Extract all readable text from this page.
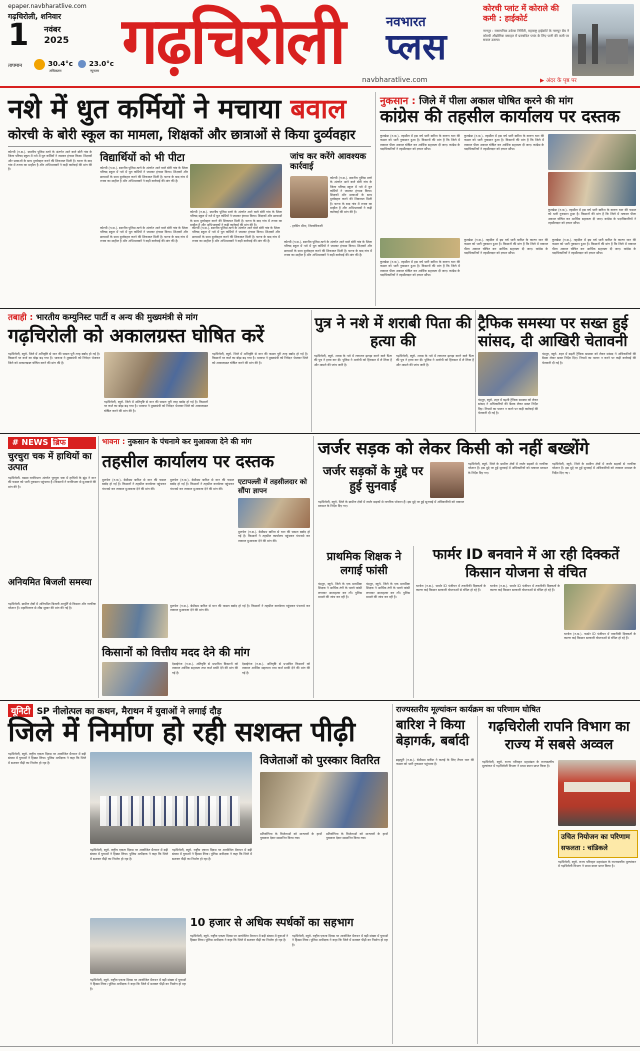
epaper.navbharatlive.com
गढ़चिरोली, शनिवार
1 नवंबर
2025
तापमान	30.4°c
अधिकतम
23.0°c
न्यूनतम गढ़चिरोली	नवभारत
प्लस
navbharatlive.com
कोरची प्लांट में कोराले की कमी : हाईकोर्ट
नागपुर : रासायनिक उर्वरक निर्मिती, महाराष्ट्र हाईकोर्ट के नागपुर बेंच ने कोरची औद्योगिक वसाहत में प्रस्तावित प्लांट के लिए पानी की कमी पर सवाल उठाया।
▶ अंदर के पृष्ठ पर
नशे में धुत कर्मियों ने मचाया बवाल
कोरची के बोरी स्कूल का मामला, शिक्षकों और छात्राओं से किया दुर्व्यवहार
कोरची (न.स.). स्थानीय पुलिस ठाणे के अंतर्गत आने वाले बोरी गांव के जिला परिषद स्कूल में नशे में धुत कर्मियों ने जमकर हंगामा किया। शिक्षकों और छात्राओं के साथ दुर्व्यवहार करने की शिकायत मिली है। घटना के बाद गांव में तनाव का माहौल है और अभिभावकों ने कड़ी कार्रवाई की मांग की है।
विद्यार्थियों को भी पीटा
कोरची (न.स.). स्थानीय पुलिस ठाणे के अंतर्गत आने वाले बोरी गांव के जिला परिषद स्कूल में नशे में धुत कर्मियों ने जमकर हंगामा किया। शिक्षकों और छात्राओं के साथ दुर्व्यवहार करने की शिकायत मिली है। घटना के बाद गांव में तनाव का माहौल है और अभिभावकों ने कड़ी कार्रवाई की मांग की है।
कोरची (न.स.). स्थानीय पुलिस ठाणे के अंतर्गत आने वाले बोरी गांव के जिला परिषद स्कूल में नशे में धुत कर्मियों ने जमकर हंगामा किया। शिक्षकों और छात्राओं के साथ दुर्व्यवहार करने की शिकायत मिली है। घटना के बाद गांव में तनाव का माहौल है और अभिभावकों ने कड़ी कार्रवाई की मांग की है।
जांच कर करेंगे आवश्यक कार्रवाई
कोरची (न.स.). स्थानीय पुलिस ठाणे के अंतर्गत आने वाले बोरी गांव के जिला परिषद स्कूल में नशे में धुत कर्मियों ने जमकर हंगामा किया। शिक्षकों और छात्राओं के साथ दुर्व्यवहार करने की शिकायत मिली है। घटना के बाद गांव में तनाव का माहौल है और अभिभावकों ने कड़ी कार्रवाई की मांग की है।
- हरसिंग मीना, जिलाधिकारी
कोरची (न.स.). स्थानीय पुलिस ठाणे के अंतर्गत आने वाले बोरी गांव के जिला परिषद स्कूल में नशे में धुत कर्मियों ने जमकर हंगामा किया। शिक्षकों और छात्राओं के साथ दुर्व्यवहार करने की शिकायत मिली है। घटना के बाद गांव में तनाव का माहौल है और अभिभावकों ने कड़ी कार्रवाई की मांग की है।
कोरची (न.स.). स्थानीय पुलिस ठाणे के अंतर्गत आने वाले बोरी गांव के जिला परिषद स्कूल में नशे में धुत कर्मियों ने जमकर हंगामा किया। शिक्षकों और छात्राओं के साथ दुर्व्यवहार करने की शिकायत मिली है। घटना के बाद गांव में तनाव का माहौल है और अभिभावकों ने कड़ी कार्रवाई की मांग की है।	कोरची (न.स.). स्थानीय पुलिस ठाणे के अंतर्गत आने वाले बोरी गांव के जिला परिषद स्कूल में नशे में धुत कर्मियों ने जमकर हंगामा किया। शिक्षकों और छात्राओं के साथ दुर्व्यवहार करने की शिकायत मिली है। घटना के बाद गांव में तनाव का माहौल है और अभिभावकों ने कड़ी कार्रवाई की मांग की है।
नुकसान : जिले में पीला अकाल घोषित करने की मांग
कांग्रेस की तहसील कार्यालय पर दस्तक
कुरखेडा (न.स.). तहसील में इस वर्ष भारी बारिश के कारण धान की फसल को भारी नुकसान हुआ है। किसानों की मांग है कि जिले में तत्काल पीला अकाल घोषित कर आर्थिक सहायता दी जाए। कांग्रेस के पदाधिकारियों ने तहसीलदार को ज्ञापन सौंपा।
कुरखेडा (न.स.). तहसील में इस वर्ष भारी बारिश के कारण धान की फसल को भारी नुकसान हुआ है। किसानों की मांग है कि जिले में तत्काल पीला अकाल घोषित कर आर्थिक सहायता दी जाए। कांग्रेस के पदाधिकारियों ने तहसीलदार को ज्ञापन सौंपा।
कुरखेडा (न.स.). तहसील में इस वर्ष भारी बारिश के कारण धान की फसल को भारी नुकसान हुआ है। किसानों की मांग है कि जिले में तत्काल पीला अकाल घोषित कर आर्थिक सहायता दी जाए। कांग्रेस के पदाधिकारियों ने तहसीलदार को ज्ञापन सौंपा।
कुरखेडा (न.स.). तहसील में इस वर्ष भारी बारिश के कारण धान की फसल को भारी नुकसान हुआ है। किसानों की मांग है कि जिले में तत्काल पीला अकाल घोषित कर आर्थिक सहायता दी जाए। कांग्रेस के पदाधिकारियों ने तहसीलदार को ज्ञापन सौंपा।
कुरखेडा (न.स.). तहसील में इस वर्ष भारी बारिश के कारण धान की फसल को भारी नुकसान हुआ है। किसानों की मांग है कि जिले में तत्काल पीला अकाल घोषित कर आर्थिक सहायता दी जाए। कांग्रेस के पदाधिकारियों ने तहसीलदार को ज्ञापन सौंपा।
कुरखेडा (न.स.). तहसील में इस वर्ष भारी बारिश के कारण धान की फसल को भारी नुकसान हुआ है। किसानों की मांग है कि जिले में तत्काल पीला अकाल घोषित कर आर्थिक सहायता दी जाए। कांग्रेस के पदाधिकारियों ने तहसीलदार को ज्ञापन सौंपा।
तबाही : भारतीय कम्युनिस्ट पार्टी व अन्य की मुख्यमंत्री से मांग
गढ़चिरोली को अकालग्रस्त घोषित करें
गढ़चिरोली, ब्यूरो. जिले में अतिवृष्टि से धान की फसल पूरी तरह बर्बाद हो गई है। किसानों पर कर्ज का बोझ बढ़ गया है। भाकपा ने मुख्यमंत्री को निवेदन भेजकर जिले को अकालग्रस्त घोषित करने की मांग की है।
गढ़चिरोली, ब्यूरो. जिले में अतिवृष्टि से धान की फसल पूरी तरह बर्बाद हो गई है। किसानों पर कर्ज का बोझ बढ़ गया है। भाकपा ने मुख्यमंत्री को निवेदन भेजकर जिले को अकालग्रस्त घोषित करने की मांग की है।
गढ़चिरोली, ब्यूरो. जिले में अतिवृष्टि से धान की फसल पूरी तरह बर्बाद हो गई है। किसानों पर कर्ज का बोझ बढ़ गया है। भाकपा ने मुख्यमंत्री को निवेदन भेजकर जिले को अकालग्रस्त घोषित करने की मांग की है।
पुत्र ने नशे में शराबी पिता की हत्या की
गढ़चिरोली, ब्यूरो. शराब के नशे में लगातार झगड़ा करने वाले पिता की पुत्र ने हत्या कर दी। पुलिस ने आरोपी को हिरासत में ले लिया है और मामले की जांच जारी है।
गढ़चिरोली, ब्यूरो. शराब के नशे में लगातार झगड़ा करने वाले पिता की पुत्र ने हत्या कर दी। पुलिस ने आरोपी को हिरासत में ले लिया है और मामले की जांच जारी है।
ट्रैफिक समस्या पर सख्त हुई सांसद, दी आखिरी चेतावनी
चंद्रपुर, ब्यूरो. शहर में बढ़ती ट्रैफिक समस्या को लेकर सांसद ने अधिकारियों की बैठक लेकर सख्त निर्देश दिए। नियमों का पालन न करने पर कड़ी कार्रवाई की चेतावनी दी गई है।
चंद्रपुर, ब्यूरो. शहर में बढ़ती ट्रैफिक समस्या को लेकर सांसद ने अधिकारियों की बैठक लेकर सख्त निर्देश दिए। नियमों का पालन न करने पर कड़ी कार्रवाई की चेतावनी दी गई है।
# NEWS ब्रिफ
चुरचुरा चक में हाथियों का उत्पात
गढ़चिरोली. वडसा वनविभाग अंतर्गत चुरचुरा चक में हाथियों के झुंड ने धान की फसल को भारी नुकसान पहुंचाया है। किसानों ने वनविभाग से मुआवजे की मांग की है।
अनियमित बिजली समस्या
गढ़चिरोली. ग्रामीण क्षेत्रों में अनियमित बिजली आपूर्ति से किसान और नागरिक परेशान हैं। महावितरण से शीघ्र सुधार की मांग की गई है।
भावना : नुकसान के पंचनामे कर मुआवजा देने की मांग
तहसील कार्यालय पर दस्तक
मुलचेरा (न.स.). बेमौसम बारिश से धान की फसल बर्बाद हो गई है। किसानों ने तहसील कार्यालय पहुंचकर पंचनामे कर तत्काल मुआवजा देने की मांग की।
मुलचेरा (न.स.). बेमौसम बारिश से धान की फसल बर्बाद हो गई है। किसानों ने तहसील कार्यालय पहुंचकर पंचनामे कर तत्काल मुआवजा देने की मांग की।
एटापल्ली में तहसीलदार को सौंपा ज्ञापन
मुलचेरा (न.स.). बेमौसम बारिश से धान की फसल बर्बाद हो गई है। किसानों ने तहसील कार्यालय पहुंचकर पंचनामे कर तत्काल मुआवजा देने की मांग की।
मुलचेरा (न.स.). बेमौसम बारिश से धान की फसल बर्बाद हो गई है। किसानों ने तहसील कार्यालय पहुंचकर पंचनामे कर तत्काल मुआवजा देने की मांग की।
किसानों को वित्तीय मदद देने की मांग
देसाईगंज (न.स.). अतिवृष्टि से प्रभावित किसानों को तत्काल आर्थिक सहायता तथा कर्ज माफी देने की मांग की गई है।
देसाईगंज (न.स.). अतिवृष्टि से प्रभावित किसानों को तत्काल आर्थिक सहायता तथा कर्ज माफी देने की मांग की गई है।
जर्जर सड़क को लेकर किसी को नहीं बख्शेंगे
जर्जर सड़कों के मुद्दे पर हुई सुनवाई
गढ़चिरोली, ब्यूरो. जिले के ग्रामीण क्षेत्रों में जर्जर सड़कों से नागरिक परेशान हैं। इस मुद्दे पर हुई सुनवाई में अधिकारियों को तत्काल मरम्मत के निर्देश दिए गए।
गढ़चिरोली, ब्यूरो. जिले के ग्रामीण क्षेत्रों में जर्जर सड़कों से नागरिक परेशान हैं। इस मुद्दे पर हुई सुनवाई में अधिकारियों को तत्काल मरम्मत के निर्देश दिए गए।
गढ़चिरोली, ब्यूरो. जिले के ग्रामीण क्षेत्रों में जर्जर सड़कों से नागरिक परेशान हैं। इस मुद्दे पर हुई सुनवाई में अधिकारियों को तत्काल मरम्मत के निर्देश दिए गए।
प्राथमिक शिक्षक ने लगाई फांसी
चंद्रपुर, ब्यूरो. जिले के एक प्राथमिक शिक्षक ने आर्थिक तंगी के चलते फांसी लगाकर आत्महत्या कर ली। पुलिस मामले की जांच कर रही है।
चंद्रपुर, ब्यूरो. जिले के एक प्राथमिक शिक्षक ने आर्थिक तंगी के चलते फांसी लगाकर आत्महत्या कर ली। पुलिस मामले की जांच कर रही है।
फार्मर ID बनवाने में आ रही दिक्कतें किसान योजना से वंचित
धानोरा (न.स.). फार्मर ID पंजीयन में तकनीकी दिक्कतों के कारण कई किसान सरकारी योजनाओं से वंचित हो रहे हैं।
धानोरा (न.स.). फार्मर ID पंजीयन में तकनीकी दिक्कतों के कारण कई किसान सरकारी योजनाओं से वंचित हो रहे हैं।
धानोरा (न.स.). फार्मर ID पंजीयन में तकनीकी दिक्कतों के कारण कई किसान सरकारी योजनाओं से वंचित हो रहे हैं।
यूनिटी SP नीलोत्पल का कथन, मैराथन में युवाओं ने लगाई दौड़
जिले में निर्माण हो रही सशक्त पीढ़ी
गढ़चिरोली, ब्यूरो. राष्ट्रीय एकता दिवस पर आयोजित मैराथन में बड़ी संख्या में युवाओं ने हिस्सा लिया। पुलिस अधीक्षक ने कहा कि जिले में सशक्त पीढ़ी का निर्माण हो रहा है।
गढ़चिरोली, ब्यूरो. राष्ट्रीय एकता दिवस पर आयोजित मैराथन में बड़ी संख्या में युवाओं ने हिस्सा लिया। पुलिस अधीक्षक ने कहा कि जिले में सशक्त पीढ़ी का निर्माण हो रहा है।
गढ़चिरोली, ब्यूरो. राष्ट्रीय एकता दिवस पर आयोजित मैराथन में बड़ी संख्या में युवाओं ने हिस्सा लिया। पुलिस अधीक्षक ने कहा कि जिले में सशक्त पीढ़ी का निर्माण हो रहा है।
विजेताओं को पुरस्कार वितरित
प्रतियोगिता के विजेताओं को मान्यवरों के हाथों पुरस्कार देकर सम्मानित किया गया।
प्रतियोगिता के विजेताओं को मान्यवरों के हाथों पुरस्कार देकर सम्मानित किया गया।
10 हजार से अधिक स्पर्धकों का सहभाग
गढ़चिरोली, ब्यूरो. राष्ट्रीय एकता दिवस पर आयोजित मैराथन में बड़ी संख्या में युवाओं ने हिस्सा लिया। पुलिस अधीक्षक ने कहा कि जिले में सशक्त पीढ़ी का निर्माण हो रहा है।
गढ़चिरोली, ब्यूरो. राष्ट्रीय एकता दिवस पर आयोजित मैराथन में बड़ी संख्या में युवाओं ने हिस्सा लिया। पुलिस अधीक्षक ने कहा कि जिले में सशक्त पीढ़ी का निर्माण हो रहा है।
गढ़चिरोली, ब्यूरो. राष्ट्रीय एकता दिवस पर आयोजित मैराथन में बड़ी संख्या में युवाओं ने हिस्सा लिया। पुलिस अधीक्षक ने कहा कि जिले में सशक्त पीढ़ी का निर्माण हो रहा है।
बारिश ने किया बेड़ागर्क, बर्बादी
ब्रह्मपुरी (न.स.). बेमौसम बारिश ने कटाई के लिए तैयार धान की फसल को भारी नुकसान पहुंचाया है।
राज्यस्तरीय मूल्यांकन कार्यक्रम का परिणाम घोषित
गढ़चिरोली रापनि विभाग का राज्य में सबसे अव्वल
गढ़चिरोली, ब्यूरो. राज्य परिवहन महामंडल के राज्यस्तरीय मूल्यांकन में गढ़चिरोली विभाग ने प्रथम स्थान प्राप्त किया है।
उचित नियोजन का परिणाम
सफलता : चांडिकले
गढ़चिरोली, ब्यूरो. राज्य परिवहन महामंडल के राज्यस्तरीय मूल्यांकन में गढ़चिरोली विभाग ने प्रथम स्थान प्राप्त किया है।
